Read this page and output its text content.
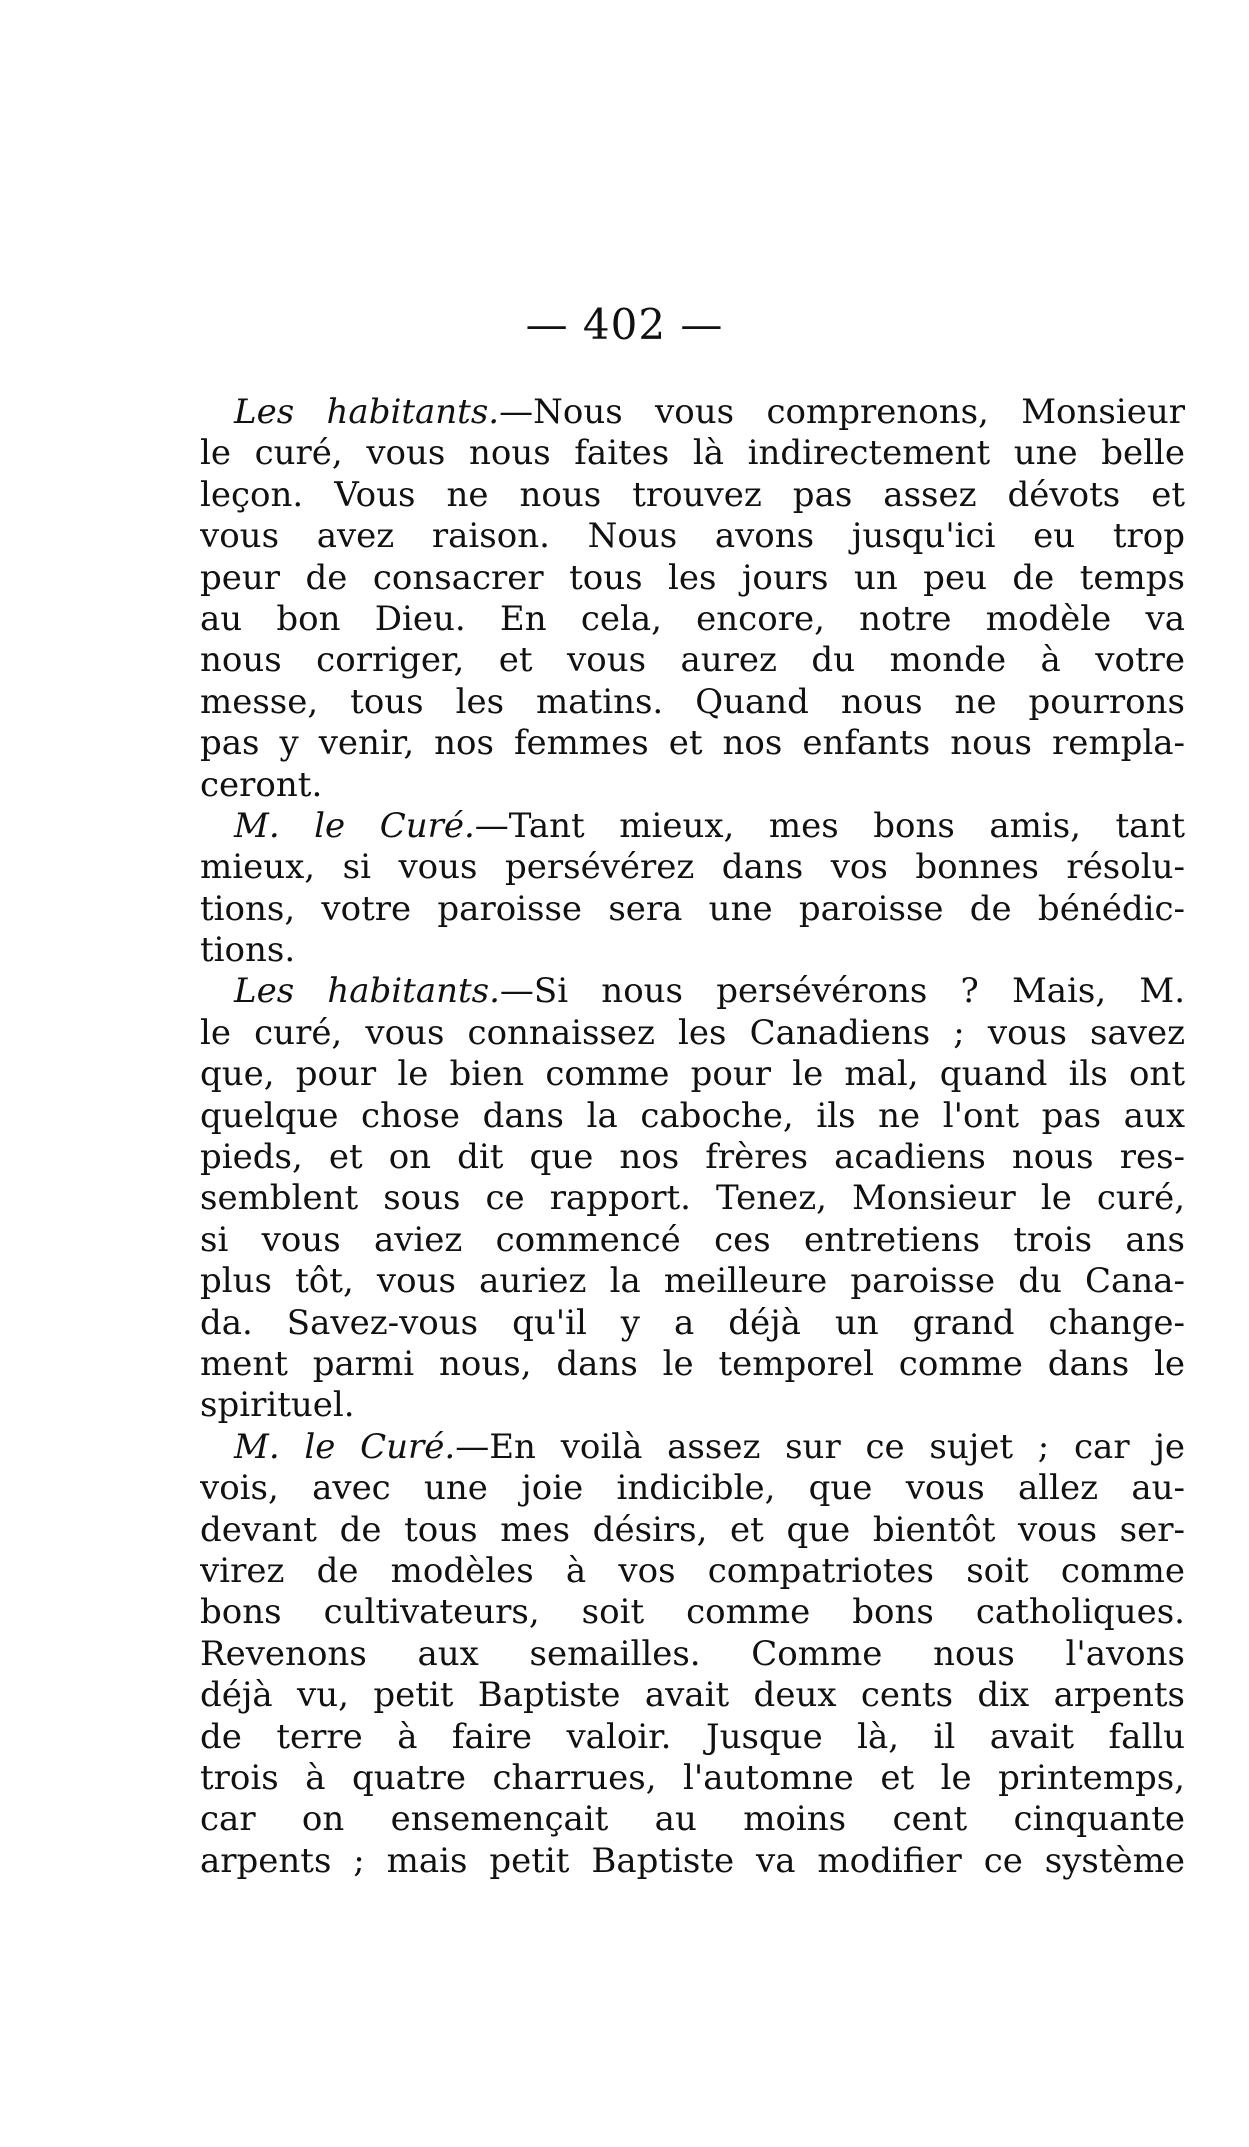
— 402 —
Les habitants.—Nous vous comprenons, Monsieur
le curé, vous nous faites là indirectement une belle
leçon. Vous ne nous trouvez pas assez dévots et
vous avez raison. Nous avons jusqu'ici eu trop
peur de consacrer tous les jours un peu de temps
au bon Dieu. En cela, encore, notre modèle va
nous corriger, et vous aurez du monde à votre
messe, tous les matins. Quand nous ne pourrons
pas y venir, nos femmes et nos enfants nous rempla-
ceront.
M. le Curé.—Tant mieux, mes bons amis, tant
mieux, si vous persévérez dans vos bonnes résolu-
tions, votre paroisse sera une paroisse de bénédic-
tions.
Les habitants.—Si nous persévérons ? Mais, M.
le curé, vous connaissez les Canadiens ; vous savez
que, pour le bien comme pour le mal, quand ils ont
quelque chose dans la caboche, ils ne l'ont pas aux
pieds, et on dit que nos frères acadiens nous res-
semblent sous ce rapport. Tenez, Monsieur le curé,
si vous aviez commencé ces entretiens trois ans
plus tôt, vous auriez la meilleure paroisse du Cana-
da. Savez-vous qu'il y a déjà un grand change-
ment parmi nous, dans le temporel comme dans le
spirituel.
M. le Curé.—En voilà assez sur ce sujet ; car je
vois, avec une joie indicible, que vous allez au-
devant de tous mes désirs, et que bientôt vous ser-
virez de modèles à vos compatriotes soit comme
bons cultivateurs, soit comme bons catholiques.
Revenons aux semailles. Comme nous l'avons
déjà vu, petit Baptiste avait deux cents dix arpents
de terre à faire valoir. Jusque là, il avait fallu
trois à quatre charrues, l'automne et le printemps,
car on ensemençait au moins cent cinquante
arpents ; mais petit Baptiste va modifier ce système
